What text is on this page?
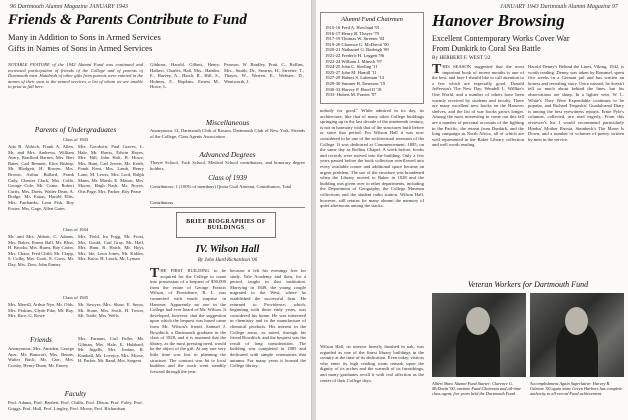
96 Dartmouth Alumni Magazine JANUARY 1943
Friends & Parents Contribute to Fund
Many in Addition to Sons in Armed Services
Gifts in Names of Sons in Armed Services
NOTABLE FEATURE of the 1942 Alumni Fund was continued and increased participation of friends of the College and of parents of Dartmouth men. Hundreds of other gifts from parents were entered in the names of their sons in the armed services, a list of whom we are unable to print in full here.
Parents of Undergraduates
Class of 1943
Ada B. Aldrich, Frank A. Allen, Mr. and Mrs. Andrews, William Avery, Bradford Barnes, Mrs. Bert Bates, Carl Bennett, Eliot Bishop, Mr. Blodgett, H. Bowen, Mrs. Brown, Arthur Bullard, Frank Cady, Chester Clark, Mrs. Cobb, George Cole, Mr. Crane, Robert Curtis, Mrs. Davis, Walter Dean, A. Dodge, Mr. Eaton, Harold Ellis, Mrs. Fairbanks, Leon Fisk, Roy Foster, Mrs. Gage, Allen Gates
Mrs. Goodwin, Paul Graves, L. Hale, Mr. Harris, Edwin Hayes, Mrs. Hill, John Holt, R. Howe, Mrs. Hunt, Carl Jewett, Mr. Keith, Frank Kent, Mrs. Lamb, Henry Lane, M. Lewis, Mrs. Lord, Ralph Mann, Mr. Marsh, E. Mason, Mrs. Moore, Hugh Nash, Mr. Noyes, Otis Page, Mrs. Parker, Roy Pease
Class of 1944
Mr. and Mrs. Abbott, C. Adams, Mrs. Baker, Ernest Ball, Mr. Bliss, H. Brooks, Mrs. Burns, Ray Carter, Mrs. Chase, Fred Child, Mr. Clapp, S. Colby, Mrs. Cook, E. Cross, Mr. Day, Mrs. Dow, John Eames
Mrs. Field, Ira Fogg, Mr. Frost, Mrs. Gould, Carl Gray, Mr. Hall, Mrs. Ham, R. Hatch, Mr. Hoyt, Mrs. Ide, Leon Jones, Mr. Kidder, Mrs. Knox, H. Leach, Mr. Lyman
Class of 1945
Mrs. Merrill, Arthur Nye, Mr. Olds, Mrs. Perkins, Clyde Pike, Mr. Ray, Mrs. Rice, G. Rowe
Mr. Sawyer, Mrs. Shaw, E. Snow, Mr. Stone, Mrs. Swift, H. Tower, Mr. Tuttle, Mrs. Wells
Friends
Anonymous, Mrs. Amsden, George Ayer, Mr. Bancroft, Mrs. Bemis, Walter Buck, Mr. Carr, Mrs. Crosby, Henry Dunn, Mr. Emery
Mrs. Farnum, Carl Fuller, Mr. Gilman, Mrs. Hale, E. Hubbard, Mr. Ingalls, Mrs. Jordan, R. Kimball, Mr. Lovejoy, Mrs. Morse, H. Parker, Mr. Rand, Mrs. Sargent
Faculty
Prof. Adams, Prof. Bartlett, Prof. Childs, Prof. Dixon, Prof. Foley, Prof. Griggs, Prof. Hull, Prof. Lingley, Prof. Morse, Prof. Richardson
Gibbons, Harold, Gilbert, Henry, Halbert, Charles, Hall, Mrs., Hamlin, E., Harvey, A., Hatch, R., Hill, S., Holmes, F., Hopkins, Ernest M., Howe, L.
Pearson, W. Bradley, Pratt, C., Rollins, Mrs., Smith, Dr., Stearns, H., Streeter, T., Thayer, W., Warren, E., Webster, D., Wentworth, J.
Miscellaneous
Anonymous 12, Dartmouth Club of Boston, Dartmouth Club of New York, Friends of the College, Class Agents Association
Advanced Degrees
Thayer School, Tuck School, Medical School contributors, and honorary degree holders.
Class of 1939
Contributors: 1 (100% of members) Quota Goal Amount, Contributors, Total
Contributors
BRIEF BIOGRAPHIES OF BUILDINGS
IV. Wilson Hall
By John Hurd Richardson '06
THE FIRST BUILDING to be acquired for the College to come into possession of a bequest of $50,000 from the estate of George Francis Wilson, of Providence, R. I., was connected with much surprise in Hanover. Apparently no one in the College had ever heard of Mr. Wilson. It developed, however, that the suggestion upon which the bequest was based came from Mr. Wilson's friend, Samuel J. Bowditch, a Dartmouth graduate in the class of 1828, and it is assumed that the library, as the most pressing need, would be the object of the gift. At any rate very little time was lost in planning the structure. The contract was let to local builders and the work went steadily forward through the year.
because it left his evenings free for study. Yale Academy and then, for a period, taught in that institution. Marrying in 1849, the young couple migrated to the West, where he established the successful firm. He returned to Providence, which, beginning with those early years, was considered his home. He was interested in chemistry and in the manufacture of chemical products. His interest in the College arose, as noted, through his friend Bowditch, and the bequest was the result of long consideration. The building was completed in 1885 and dedicated with simple ceremonies that autumn. For many years it housed the College library.
JANUARY 1943 Dartmouth Alumni Magazine 97
Alumni Fund Chairmen
1915-16 Fred A. Howland '91
1916-17 Henry B. Thayer '79
1917-19 Thomas W. Streeter '04
1919-20 Clarence G. McDavitt '00
1920-21 Nathaniel G. Burleigh '89
1921-22 Frederic H. Leggett '96
1922-24 William J. Minsch '97
1924-25 John C. Sterling '11
1925-27 John M. Hamill '11
1927-29 Hubert S. Lakeman '14
1929-30 Sumner B. Emerson '19
1930-33 Harvey P. Hood II '18
1933- Hubert M. Frasier '97
Hanover Browsing
Excellent Contemporary Works Cover War
From Dunkirk to Coral Sea Battle
By HERBERT F. WEST '22
nobody for good." While admired in its day, its architecture, like that of many other College buildings springing up in the last decade of the nineteenth century, is not in harmony with that of the structures built before or since that period. For Wilson Hall it was now considered to be one of the architectural treasures of the College. It was dedicated at Commencement, 1885, on the same day as Rollins Chapel. A week before, books and records were moved into the building. Only a few years passed before the book collection overflowed into every available corner and additional space became an urgent problem. The use of the structure was broadened when the Library moved to Baker in 1928 and the building was given over to other departments, including the Department of Geography, the College Museum collections and the student radio station. Wilson Hall, however, still retains for many alumni the memory of quiet afternoons among the stacks.
THIS SEASON suggested that the most important book of recent months is one of the best, and here I should like to call attention to a few which are especially good. Donald Jefferson's The New Day, Wendell L. Willkie's One World, and a number of others have been warmly received by students and faculty. There are many excellent new books on the Hanover shelves, and the list of war books grows longer. Among the most interesting to come out this fall are a number of personal accounts of the fighting in the Pacific, the retreat from Dunkirk, and the long campaign in North Africa, all of which are well represented in the Baker Library collection and well worth reading.
Harold Denny's Behind the Lines, Viking, 1942, is worth reading. Denny was taken by Rommel, spent five weeks in a German jail and has written an honest and revealing story. Once missed, he doesn't tell so much about behind the lines, but his observations are sharp. In a lighter vein, W. L. White's They Were Expendable continues to be popular, and Richard Tregaskis' Guadalcanal Diary is among the best eyewitness reports. Ernie Pyle's columns, collected, are read eagerly. From this reviewer's list I would recommend particularly Hindus' Mother Russia, Steinbeck's The Moon Is Down, and a number of volumes of poetry written by men in the service.
Veteran Workers for Dartmouth Fund
Albert Shaw Alumni Fund Starter: Clarence G. McDavitt '00, onetime Fund Chairman and all-time class agent, five years held the Dartmouth Fund.
Accomplishment Again Superlative: Harvey R. Gilmore '00 again some Green Harbors has complete authority in all-record Fund achievement.
Wilson Hall, its interior heavily finished in oak, was regarded as one of the finest library buildings in the country at the time of its dedication. Even today, visitors who enter its high reading room remark upon the dignity of its arches and the warmth of its furnishings, and many graduates recall it with real affection as the center of their College days.
